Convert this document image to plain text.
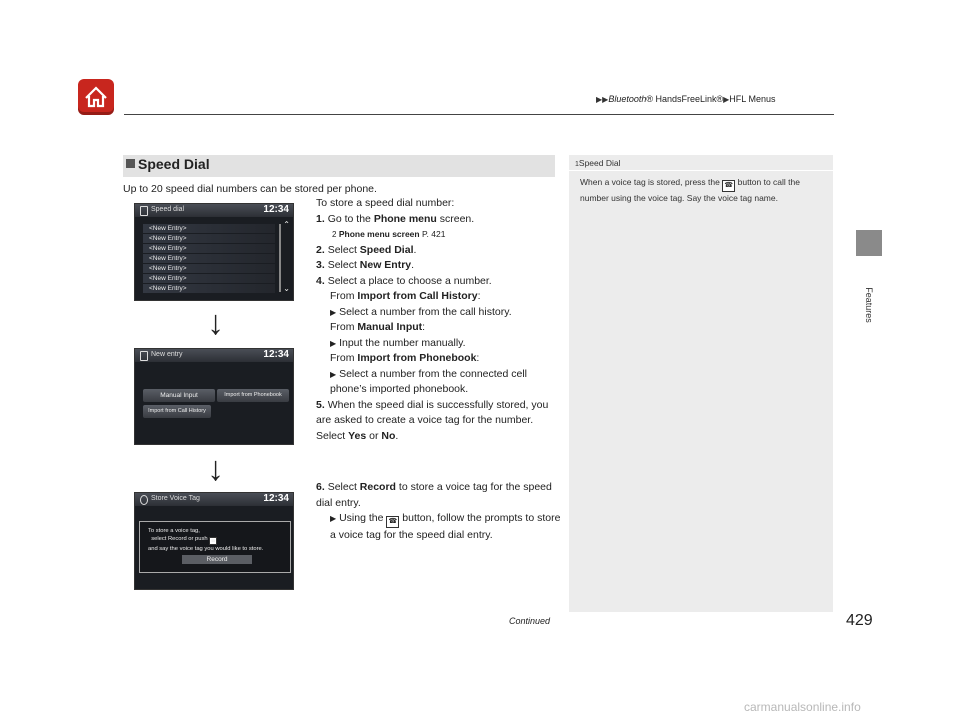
▶▶Bluetooth® HandsFreeLink®▶HFL Menus
Features
Speed Dial
Up to 20 speed dial numbers can be stored per phone.
1Speed Dial
When a voice tag is stored, press the ☎ button to call the number using the voice tag. Say the voice tag name.
Speed dial	12:34
<New Entry>
<New Entry>
<New Entry>
<New Entry>
<New Entry>
<New Entry>
<New Entry>
⌃
⌄
↓
New entry	12:34
Manual Input	Import from Phonebook
Import from Call History
↓
Store Voice Tag	12:34
To store a voice tag,
select Record or push ☎
and say the voice tag you would like to store.
Record
To store a speed dial number:
1. Go to the Phone menu screen.
2 Phone menu screen P. 421
2. Select Speed Dial.
3. Select New Entry.
4. Select a place to choose a number.
From Import from Call History:
▶ Select a number from the call history.
From Manual Input:
▶ Input the number manually.
From Import from Phonebook:
▶ Select a number from the connected cell phone’s imported phonebook.
5. When the speed dial is successfully stored, you are asked to create a voice tag for the number. Select Yes or No.
6. Select Record to store a voice tag for the speed dial entry.
▶ Using the ☎ button, follow the prompts to store a voice tag for the speed dial entry.
Continued	429
carmanualsonline.info
